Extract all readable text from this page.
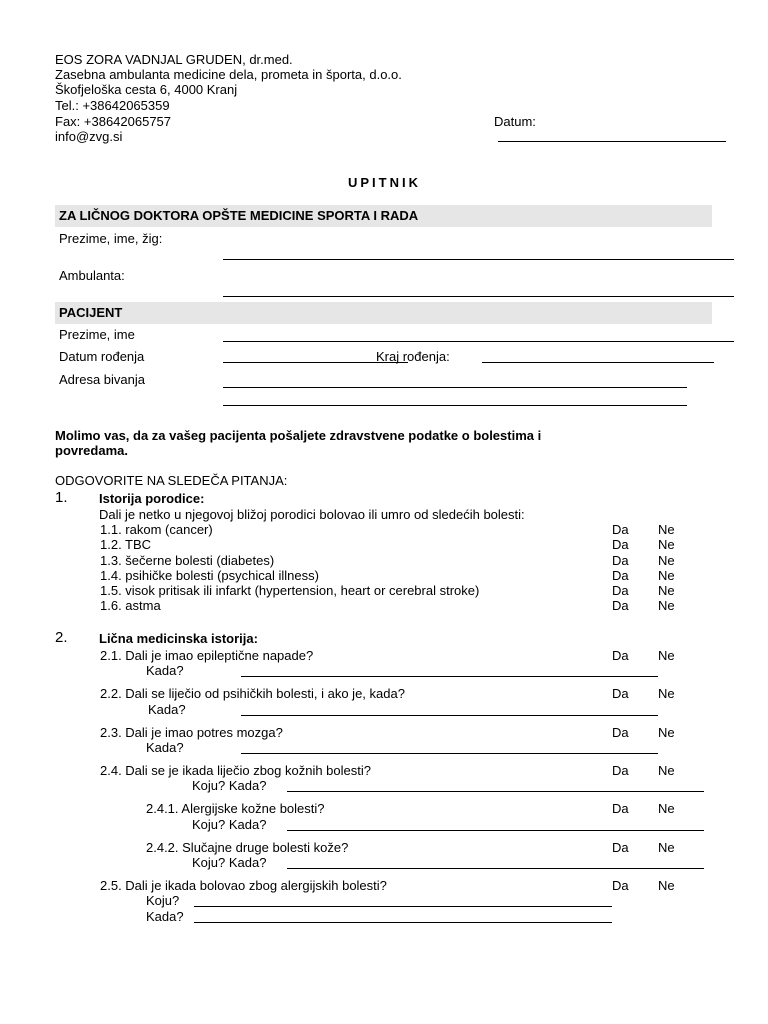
EOS ZORA VADNJAL GRUDEN, dr.med.
Zasebna ambulanta medicine dela, prometa in športa, d.o.o.
Škofjeloška cesta 6, 4000 Kranj
Tel.: +38642065359
Fax: +38642065757
info@zvg.si
Datum:
UPITNIK
ZA LIČNOG DOKTORA OPŠTE MEDICINE SPORTA I RADA
Prezime, ime, žig:
Ambulanta:
PACIJENT
Prezime, ime
Datum rođenja	Kraj rođenja:
Adresa bivanja
Molimo vas, da za vašeg pacijenta pošaljete zdravstvene podatke o bolestima i
povredama.
ODGOVORITE NA SLEDEČA PITANJA:
1. Istorija porodice:
Dali je netko u njegovoj bližoj porodici bolovao ili umro od sledećih bolesti:
1.1. rakom (cancer)	Da Ne
1.2. TBC	Da Ne
1.3. šečerne bolesti (diabetes)	Da Ne
1.4. psihičke bolesti (psychical illness)	Da Ne
1.5. visok pritisak ili infarkt (hypertension, heart or cerebral stroke)	Da Ne
1.6. astma	Da Ne
2. Lična medicinska istorija:
2.1. Dali je imao epileptične napade?	Da Ne
Kada?
2.2. Dali se liječio od psihičkih bolesti, i ako je, kada?	Da Ne
Kada?
2.3. Dali je imao potres mozga?	Da Ne
Kada?
2.4. Dali se je ikada liječio zbog kožnih bolesti?	Da Ne
Koju? Kada?
2.4.1. Alergijske kožne bolesti?	Da Ne
Koju? Kada?
2.4.2. Slučajne druge bolesti kože?	Da Ne
Koju? Kada?
2.5. Dali je ikada bolovao zbog alergijskih bolesti?	Da Ne
Koju?
Kada?
